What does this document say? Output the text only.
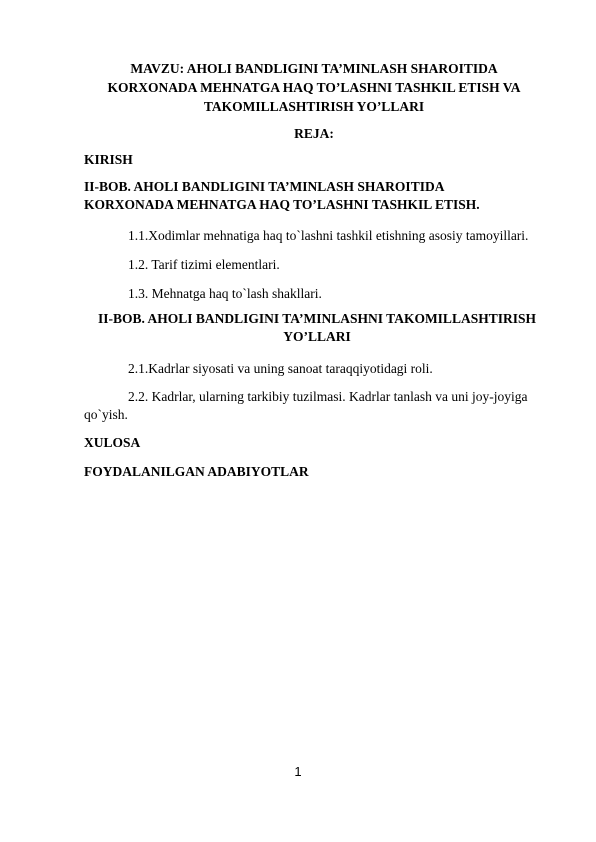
MAVZU: AHOLI BANDLIGINI TA’MINLASH SHAROITIDA
KORXONADA MEHNATGA HAQ TO’LASHNI TASHKIL ETISH VA
TAKOMILLASHTIRISH YO’LLARI
REJA:
KIRISH
II-BOB. AHOLI BANDLIGINI TA’MINLASH SHAROITIDA
KORXONADA MEHNATGA HAQ TO’LASHNI TASHKIL ETISH.
1.1.Xodimlar mehnatiga haq to`lashni tashkil etishning asosiy tamoyillari.
1.2. Tarif tizimi elementlari.
1.3. Mehnatga haq to`lash shakllari.
II-BOB. AHOLI BANDLIGINI TA’MINLASHNI TAKOMILLASHTIRISH
YO’LLARI
2.1.Kadrlar siyosati va uning sanoat taraqqiyotidagi roli.
2.2. Kadrlar, ularning tarkibiy tuzilmasi. Kadrlar tanlash va uni joy-joyiga
qo`yish.
XULOSA
FOYDALANILGAN ADABIYOTLAR
1
